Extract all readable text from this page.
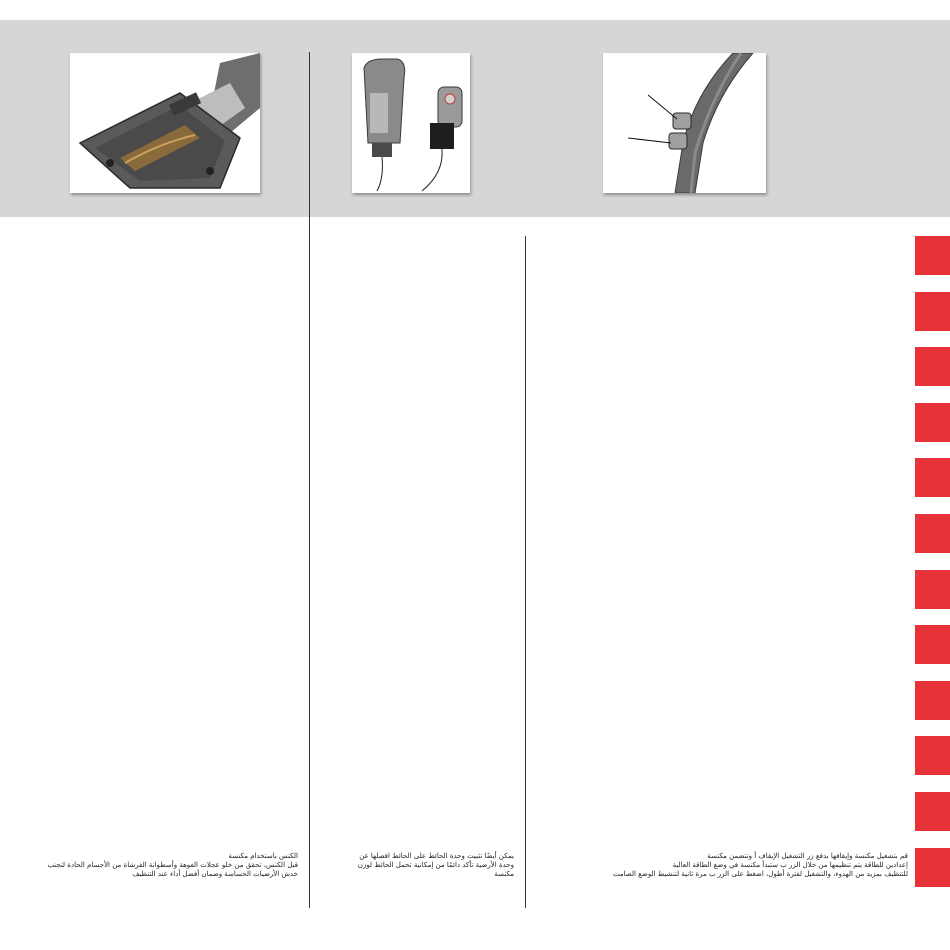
الكنس باستخدام مكنسة
قبل الكنس، تحقق من خلو عجلات الفوهة وأسطوانة الفرشاة من الأجسام الحادة لتجنب
خدش الأرضيات الحساسة وضمان أفضل أداء عند التنظيف
يمكن أيضًا تثبيت وحدة الحائط على الحائط افصلها عن
وحدة الأرضية تأكد دائمًا من إمكانية تحمل الحائط لوزن
مكنسة
قم بتشغيل مكنسة وإيقافها بدفع زر التشغيل الإيقاف أ وتتضمن مكنسة
إعدادين للطاقة يتم تنظيمها من خلال الزر ب ستبدأ مكنسة في وضع الطاقة العالية
للتنظيف بمزيد من الهدوء، والتشغيل لفترة أطول، اضغط على الزر ب مرة ثانية لتنشيط الوضع الصامت
